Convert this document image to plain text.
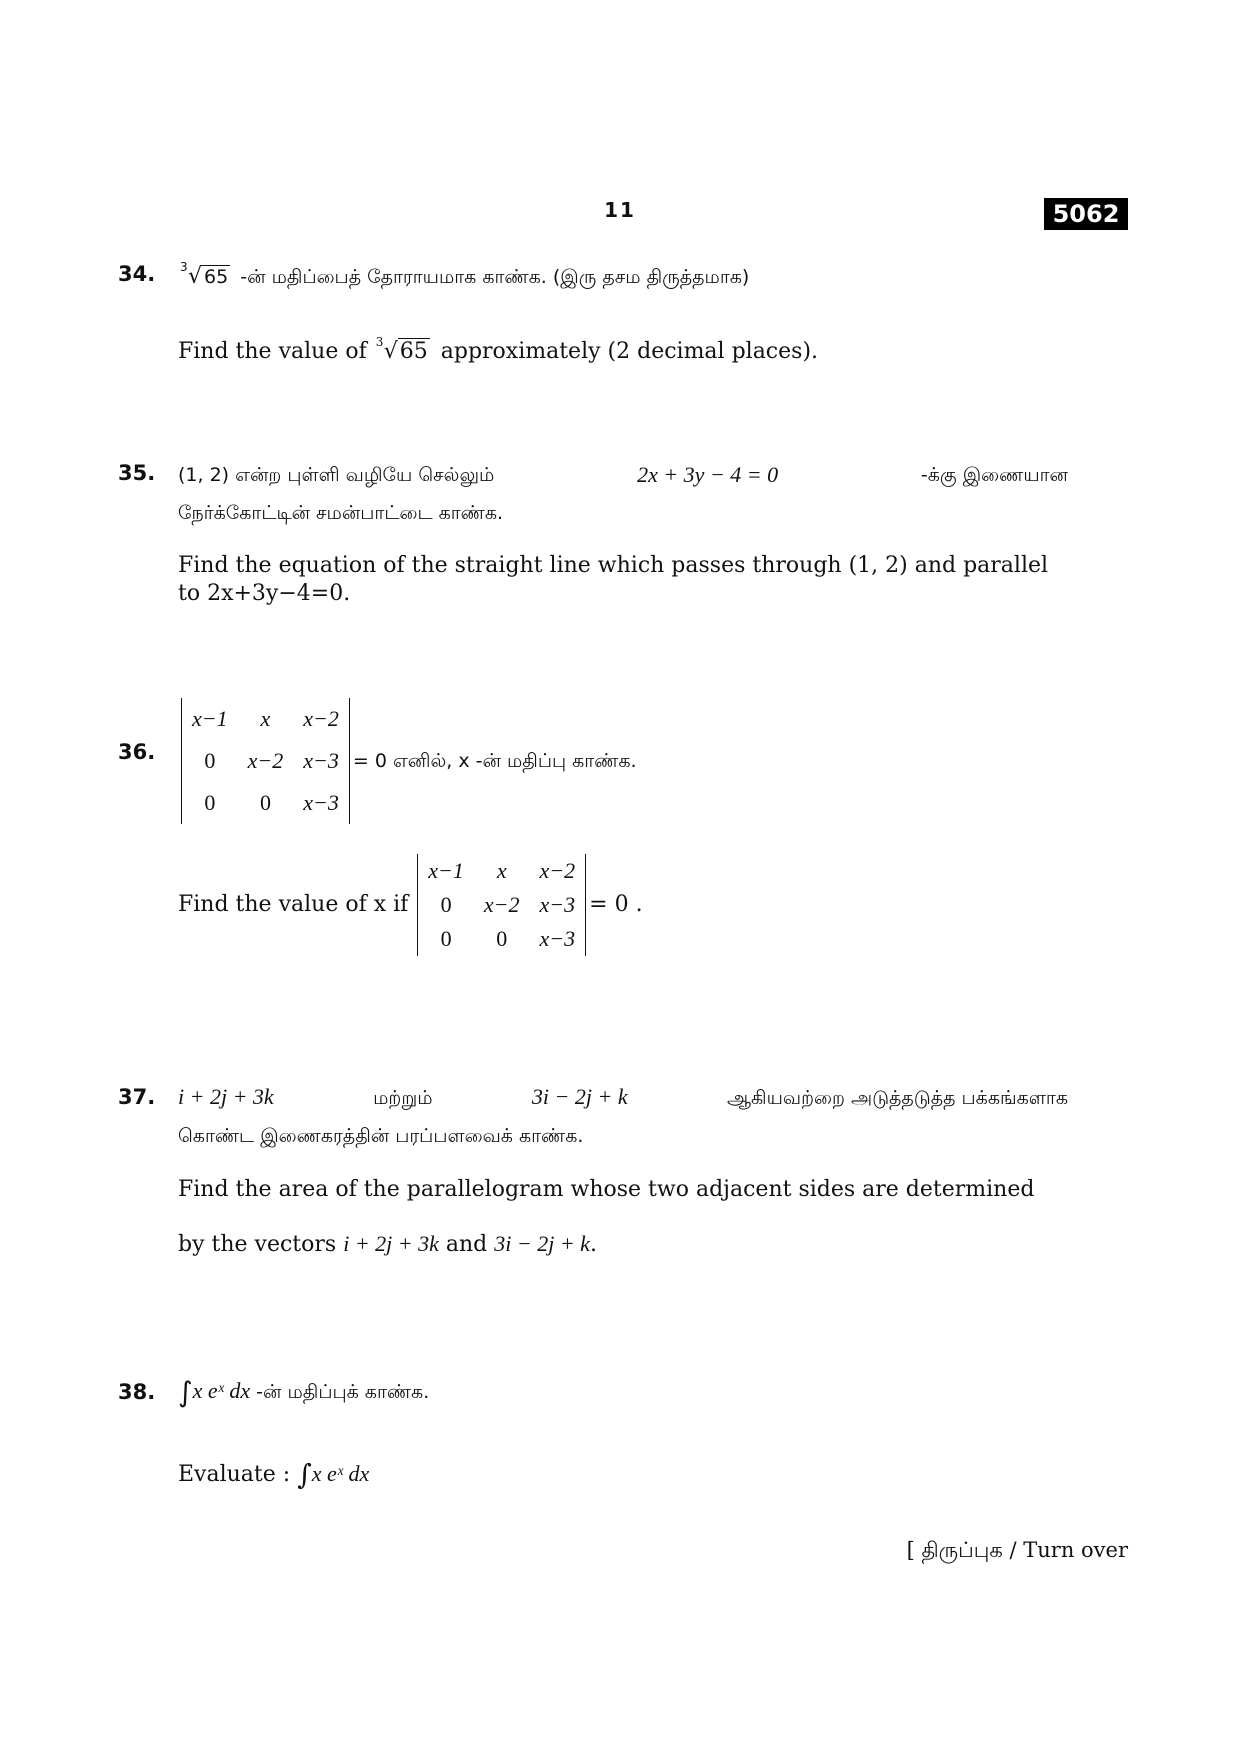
11	5062
34. 3 √ 65 -ன் மதிப்பைத் தோராயமாக காண்க. (இரு தசம திருத்தமாக)
Find the value of 3 √65 approximately (2 decimal places).
35. (1, 2) என்ற புள்ளி வழியே செல்லும்	2x + 3y − 4 = 0	-க்கு இணையான
நேர்க்கோட்டின் சமன்பாட்டை காண்க.
Find the equation of the straight line which passes through (1, 2) and parallel
to 2x+3y−4=0.
36.
x−1	x	x−2
0	x−2	x−3
0	0	x−3
= 0 எனில், x -ன் மதிப்பு காண்க.
Find the value of x if
x−1	x	x−2
0	x−2	x−3
0	0	x−3
= 0 .
37. i + 2j + 3k	மற்றும்	3i − 2j + k	ஆகியவற்றை அடுத்தடுத்த பக்கங்களாக
கொண்ட இணைகரத்தின் பரப்பளவைக் காண்க.
Find the area of the parallelogram whose two adjacent sides are determined
by the vectors i + 2j + 3k and 3i − 2j + k.
38. ∫x eˣ dx -ன் மதிப்புக் காண்க.
Evaluate : ∫x eˣ dx
[ திருப்புக / Turn over
